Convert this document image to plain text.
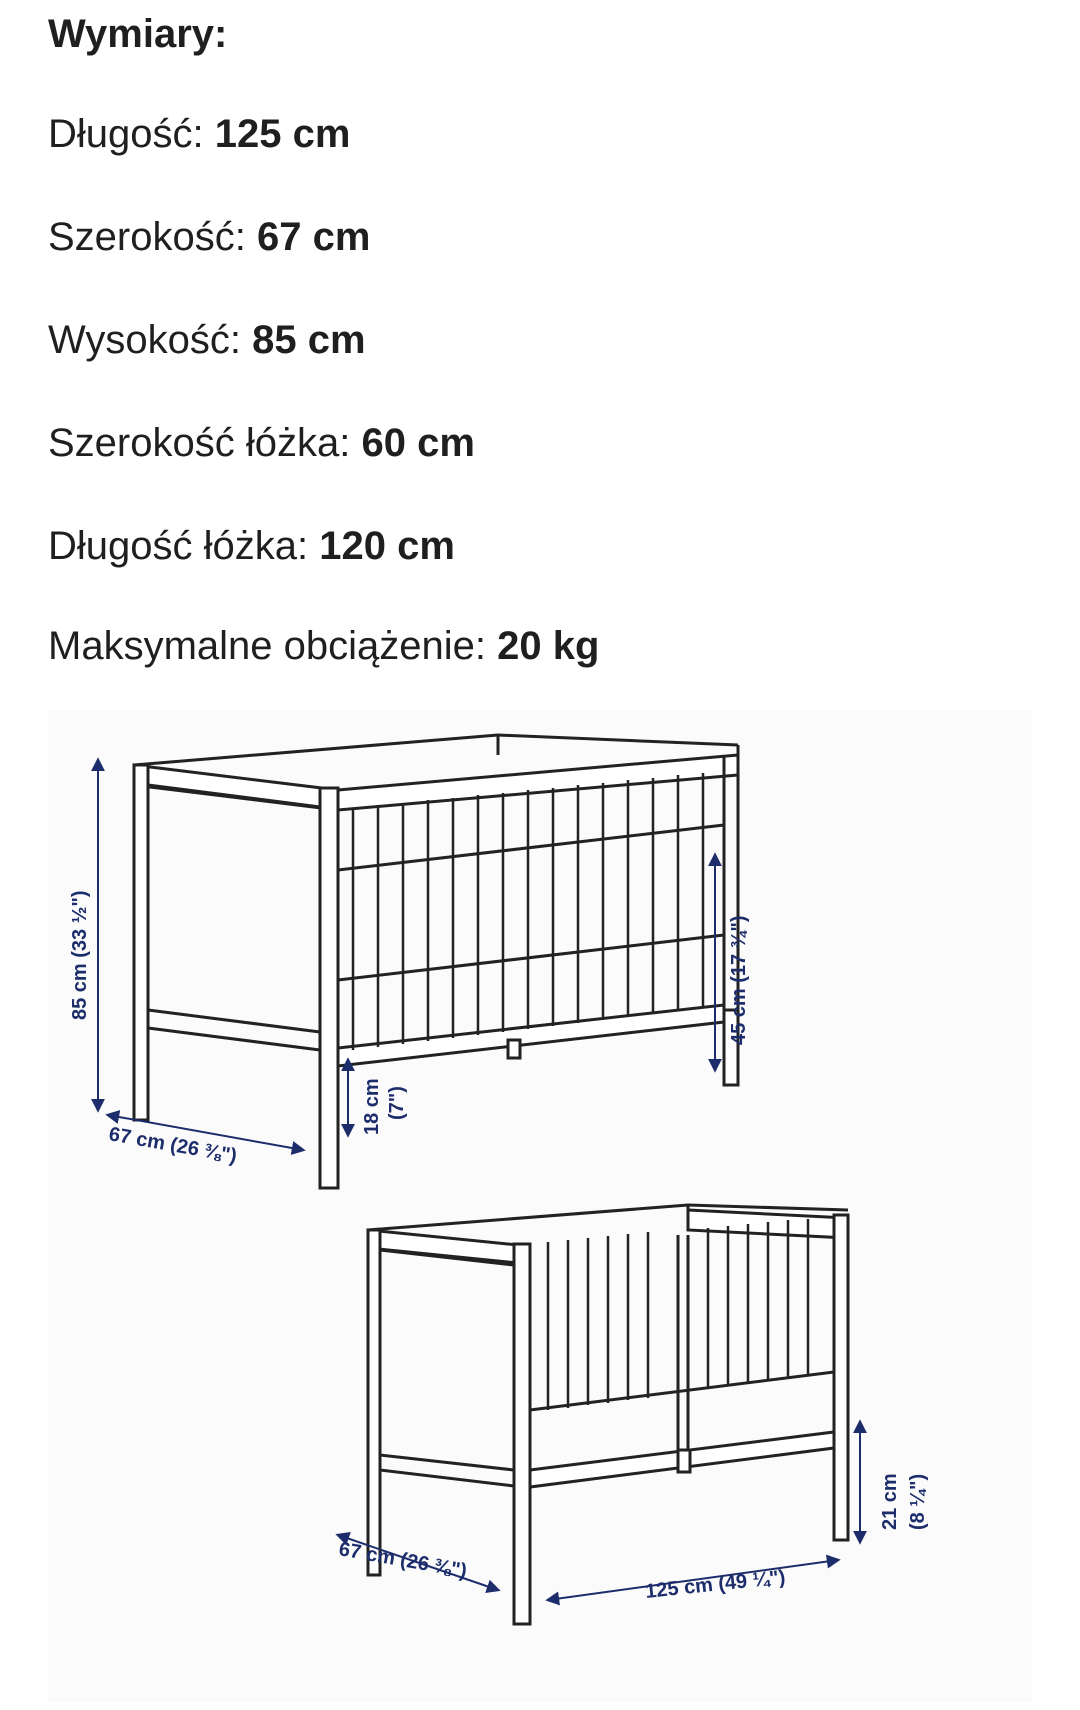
Wymiary:
Długość: 125 cm
Szerokość: 67 cm
Wysokość: 85 cm
Szerokość łóżka: 60 cm
Długość łóżka: 120 cm
Maksymalne obciążenie: 20 kg
85 cm (33 ½")	45 cm (17 ¾")
18 cm (7")
67 cm (26 ⅜")
67 cm (26 ⅜")
125 cm (49 ¼")
21 cm (8 ¼")
